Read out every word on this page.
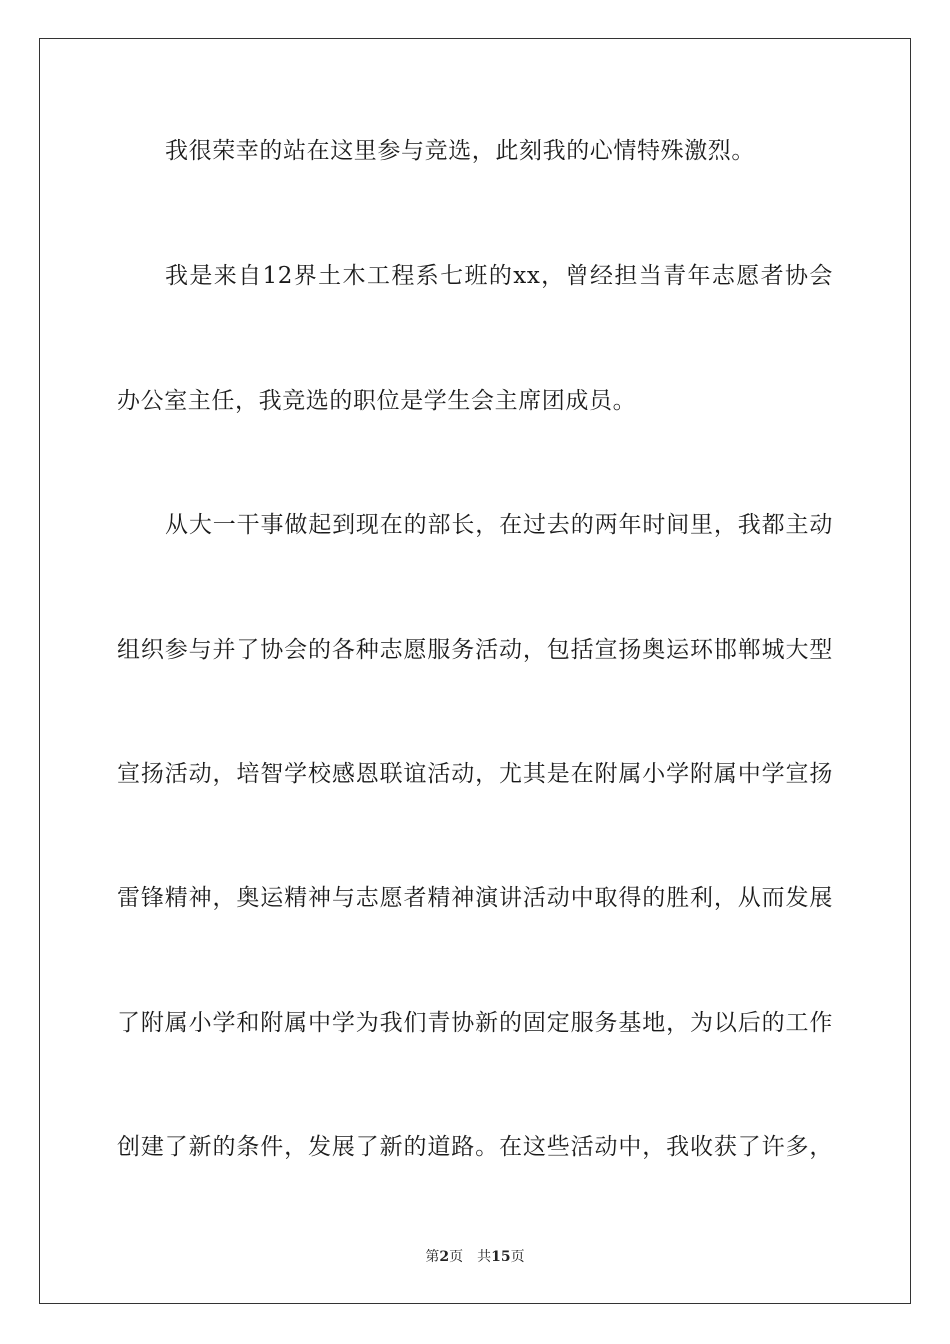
我很荣幸的站在这里参与竞选，此刻我的心情特殊激烈。
我是来自12界土木工程系七班的xx，曾经担当青年志愿者协会
办公室主任，我竞选的职位是学生会主席团成员。
从大一干事做起到现在的部长，在过去的两年时间里，我都主动
组织参与并了协会的各种志愿服务活动，包括宣扬奥运环邯郸城大型
宣扬活动，培智学校感恩联谊活动，尤其是在附属小学附属中学宣扬
雷锋精神，奥运精神与志愿者精神演讲活动中取得的胜利，从而发展
了附属小学和附属中学为我们青协新的固定服务基地，为以后的工作
创建了新的条件，发展了新的道路。在这些活动中，我收获了许多，
第2页 共15页
